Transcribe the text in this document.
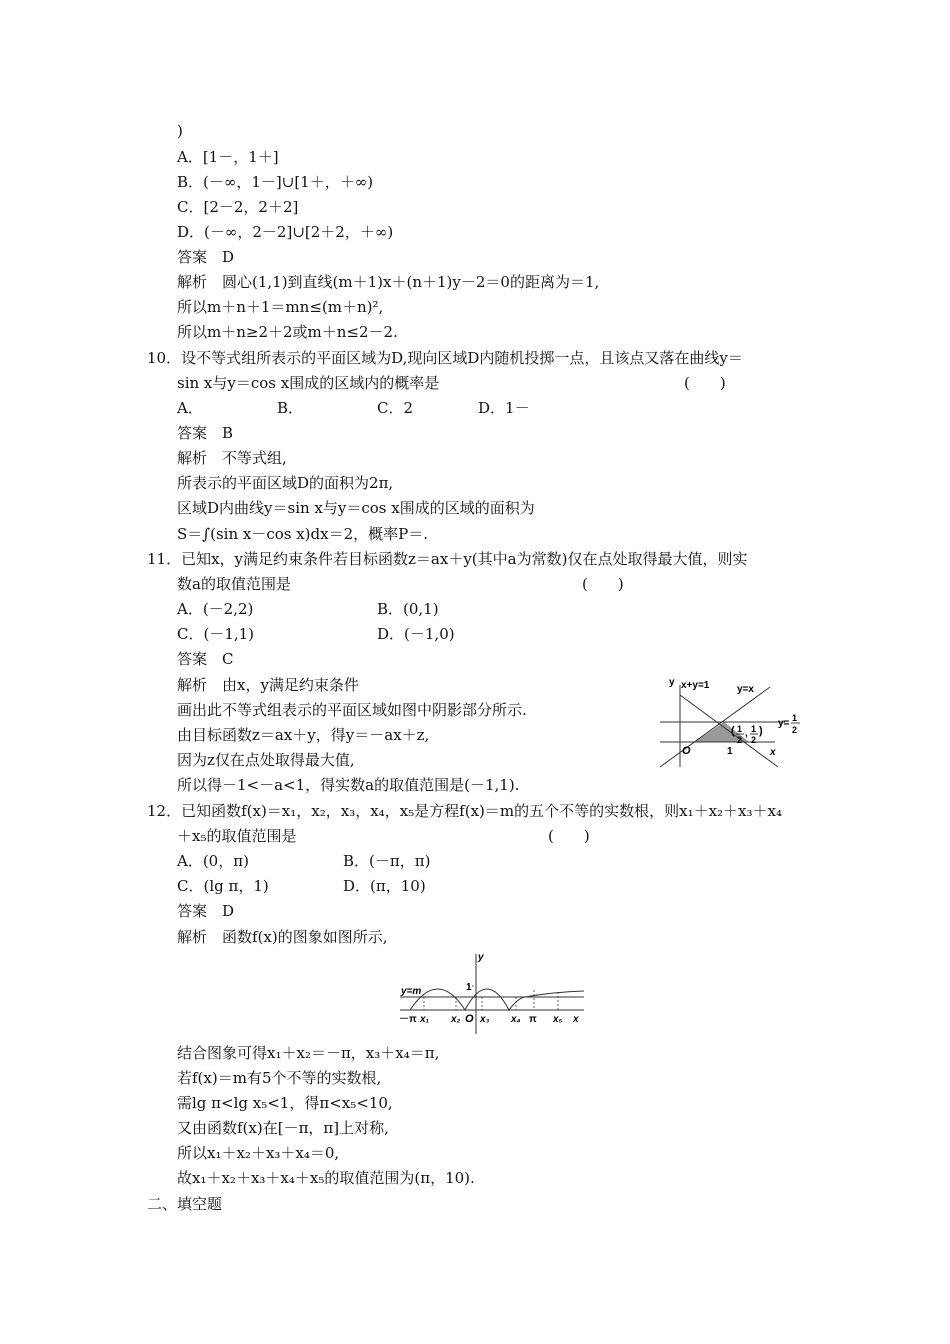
)
A．[1－，1＋]
B．(－∞，1－]∪[1＋，＋∞)
C．[2－2，2＋2]
D．(－∞，2－2]∪[2＋2，＋∞)
答案　D
解析　圆心(1,1)到直线(m＋1)x＋(n＋1)y－2＝0的距离为＝1,
所以m＋n＋1＝mn≤(m＋n)²,
所以m＋n≥2＋2或m＋n≤2－2.
10．设不等式组所表示的平面区域为D,现向区域D内随机投掷一点，且该点又落在曲线y＝
sin x与y＝cos x围成的区域内的概率是	(　　)
A．	B．	C．2	D．1－
答案　B
解析　不等式组,
所表示的平面区域D的面积为2π,
区域D内曲线y＝sin x与y＝cos x围成的区域的面积为
S＝∫(sin x－cos x)dx＝2，概率P＝.
11．已知x，y满足约束条件若目标函数z＝ax＋y(其中a为常数)仅在点处取得最大值，则实
数a的取值范围是	(　　)
A．(－2,2)	B．(0,1)
C．(－1,1)	D．(－1,0)
答案　C
解析　由x，y满足约束条件
画出此不等式组表示的平面区域如图中阴影部分所示.
由目标函数z＝ax＋y，得y＝－ax＋z,
因为z仅在点处取得最大值,
所以得－1<－a<1，得实数a的取值范围是(－1,1).
y x+y=1	y=x
y= 1
2
( 1
2
, 1
2
)
O	1	x
12．已知函数f(x)＝x₁，x₂，x₃，x₄，x₅是方程f(x)＝m的五个不等的实数根，则x₁＋x₂＋x₃＋x₄
＋x₅的取值范围是	(　　)
A．(0，π)	B．(－π，π)
C．(lg π，1)	D．(π，10)
答案　D
解析　函数f(x)的图象如图所示,
y
y=m	1
－π x₁ x₂ O x₃ x₄ π x₅ x
结合图象可得x₁＋x₂＝－π，x₃＋x₄＝π,
若f(x)＝m有5个不等的实数根,
需lg π<lg x₅<1，得π<x₅<10,
又由函数f(x)在[－π，π]上对称,
所以x₁＋x₂＋x₃＋x₄＝0,
故x₁＋x₂＋x₃＋x₄＋x₅的取值范围为(π，10).
二、填空题
